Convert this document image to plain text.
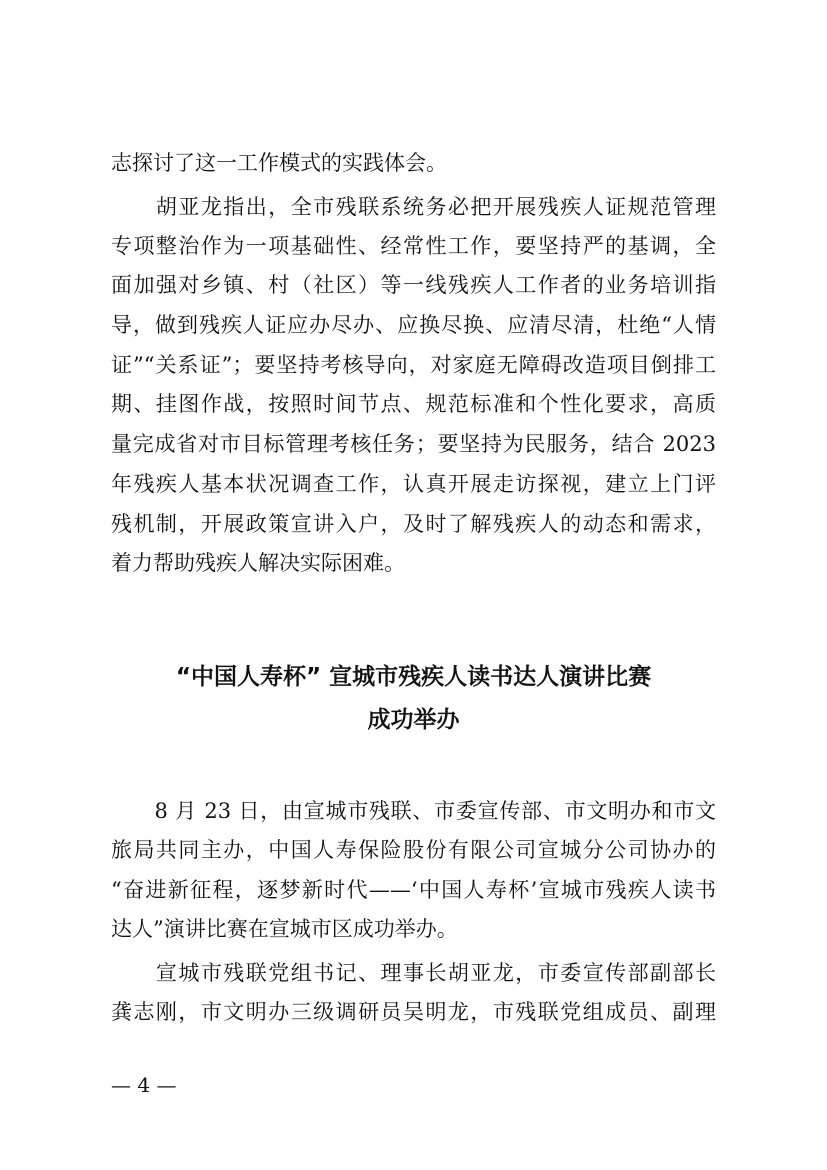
志探讨了这一工作模式的实践体会。
　　胡亚龙指出，全市残联系统务必把开展残疾人证规范管理
专项整治作为一项基础性、经常性工作，要坚持严的基调，全
面加强对乡镇、村（社区）等一线残疾人工作者的业务培训指
导，做到残疾人证应办尽办、应换尽换、应清尽清，杜绝“人情
证”“关系证”；要坚持考核导向，对家庭无障碍改造项目倒排工
期、挂图作战，按照时间节点、规范标准和个性化要求，高质
量完成省对市目标管理考核任务；要坚持为民服务，结合 2023
年残疾人基本状况调查工作，认真开展走访探视，建立上门评
残机制，开展政策宣讲入户，及时了解残疾人的动态和需求，
着力帮助残疾人解决实际困难。
“中国人寿杯” 宣城市残疾人读书达人演讲比赛
成功举办
　　8 月 23 日，由宣城市残联、市委宣传部、市文明办和市文
旅局共同主办，中国人寿保险股份有限公司宣城分公司协办的
“奋进新征程，逐梦新时代——‘中国人寿杯’宣城市残疾人读书
达人”演讲比赛在宣城市区成功举办。
　　宣城市残联党组书记、理事长胡亚龙，市委宣传部副部长
龚志刚，市文明办三级调研员吴明龙，市残联党组成员、副理
— 4 —
